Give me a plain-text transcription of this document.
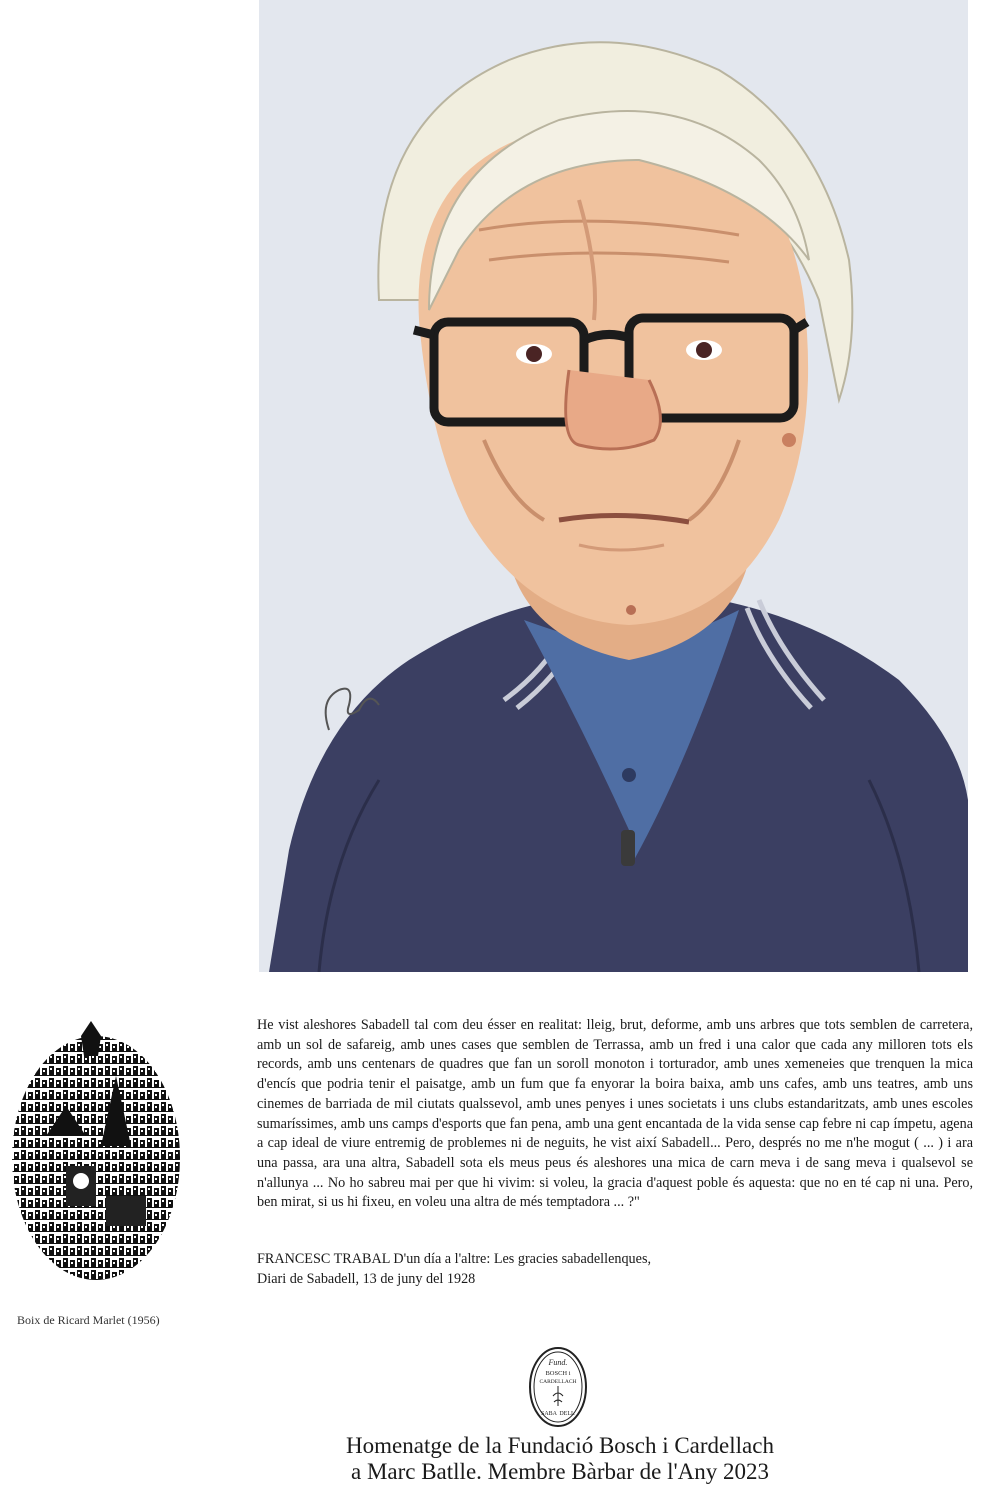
Boix de Ricard Marlet (1956)

He vist aleshores Sabadell tal com deu ésser en realitat: lleig, brut, deforme, amb uns arbres que tots semblen de carretera, amb un sol de safareig, amb unes cases que semblen de Terrassa, amb un fred i una calor que cada any milloren tots els records, amb uns centenars de quadres que fan un soroll monoton i torturador, amb unes xemeneies que trenquen la mica d'encís que podria tenir el paisatge, amb un fum que fa enyorar la boira baixa, amb uns cafes, amb uns teatres, amb uns cinemes de barriada de mil ciutats qualssevol, amb unes penyes i unes societats i uns clubs estandaritzats, amb unes escoles sumaríssimes, amb uns camps d'esports que fan pena, amb una gent encantada de la vida sense cap febre ni cap ímpetu, agena a cap ideal de viure entremig de problemes ni de neguits, he vist així Sabadell... Pero, després no me n'he mogut ( ... ) i ara una passa, ara una altra, Sabadell sota els meus peus és aleshores una mica de carn meva i de sang meva i qualsevol se n'allunya ... No ho sabreu mai per que hi vivim: si voleu, la gracia d'aquest poble és aquesta: que no en té cap ni una. Pero, ben mirat, si us hi fixeu, en voleu una altra de més temptadora ... ?"

FRANCESC TRABAL D'un día a l'altre: Les gracies sabadellenques,
Diari de Sabadell, 13 de juny del 1928
Fund.
BOSCH i
CARDELLACH
SABA DELL
Homenatge de la Fundació Bosch i Cardellach
a Marc Batlle. Membre Bàrbar de l'Any 2023
